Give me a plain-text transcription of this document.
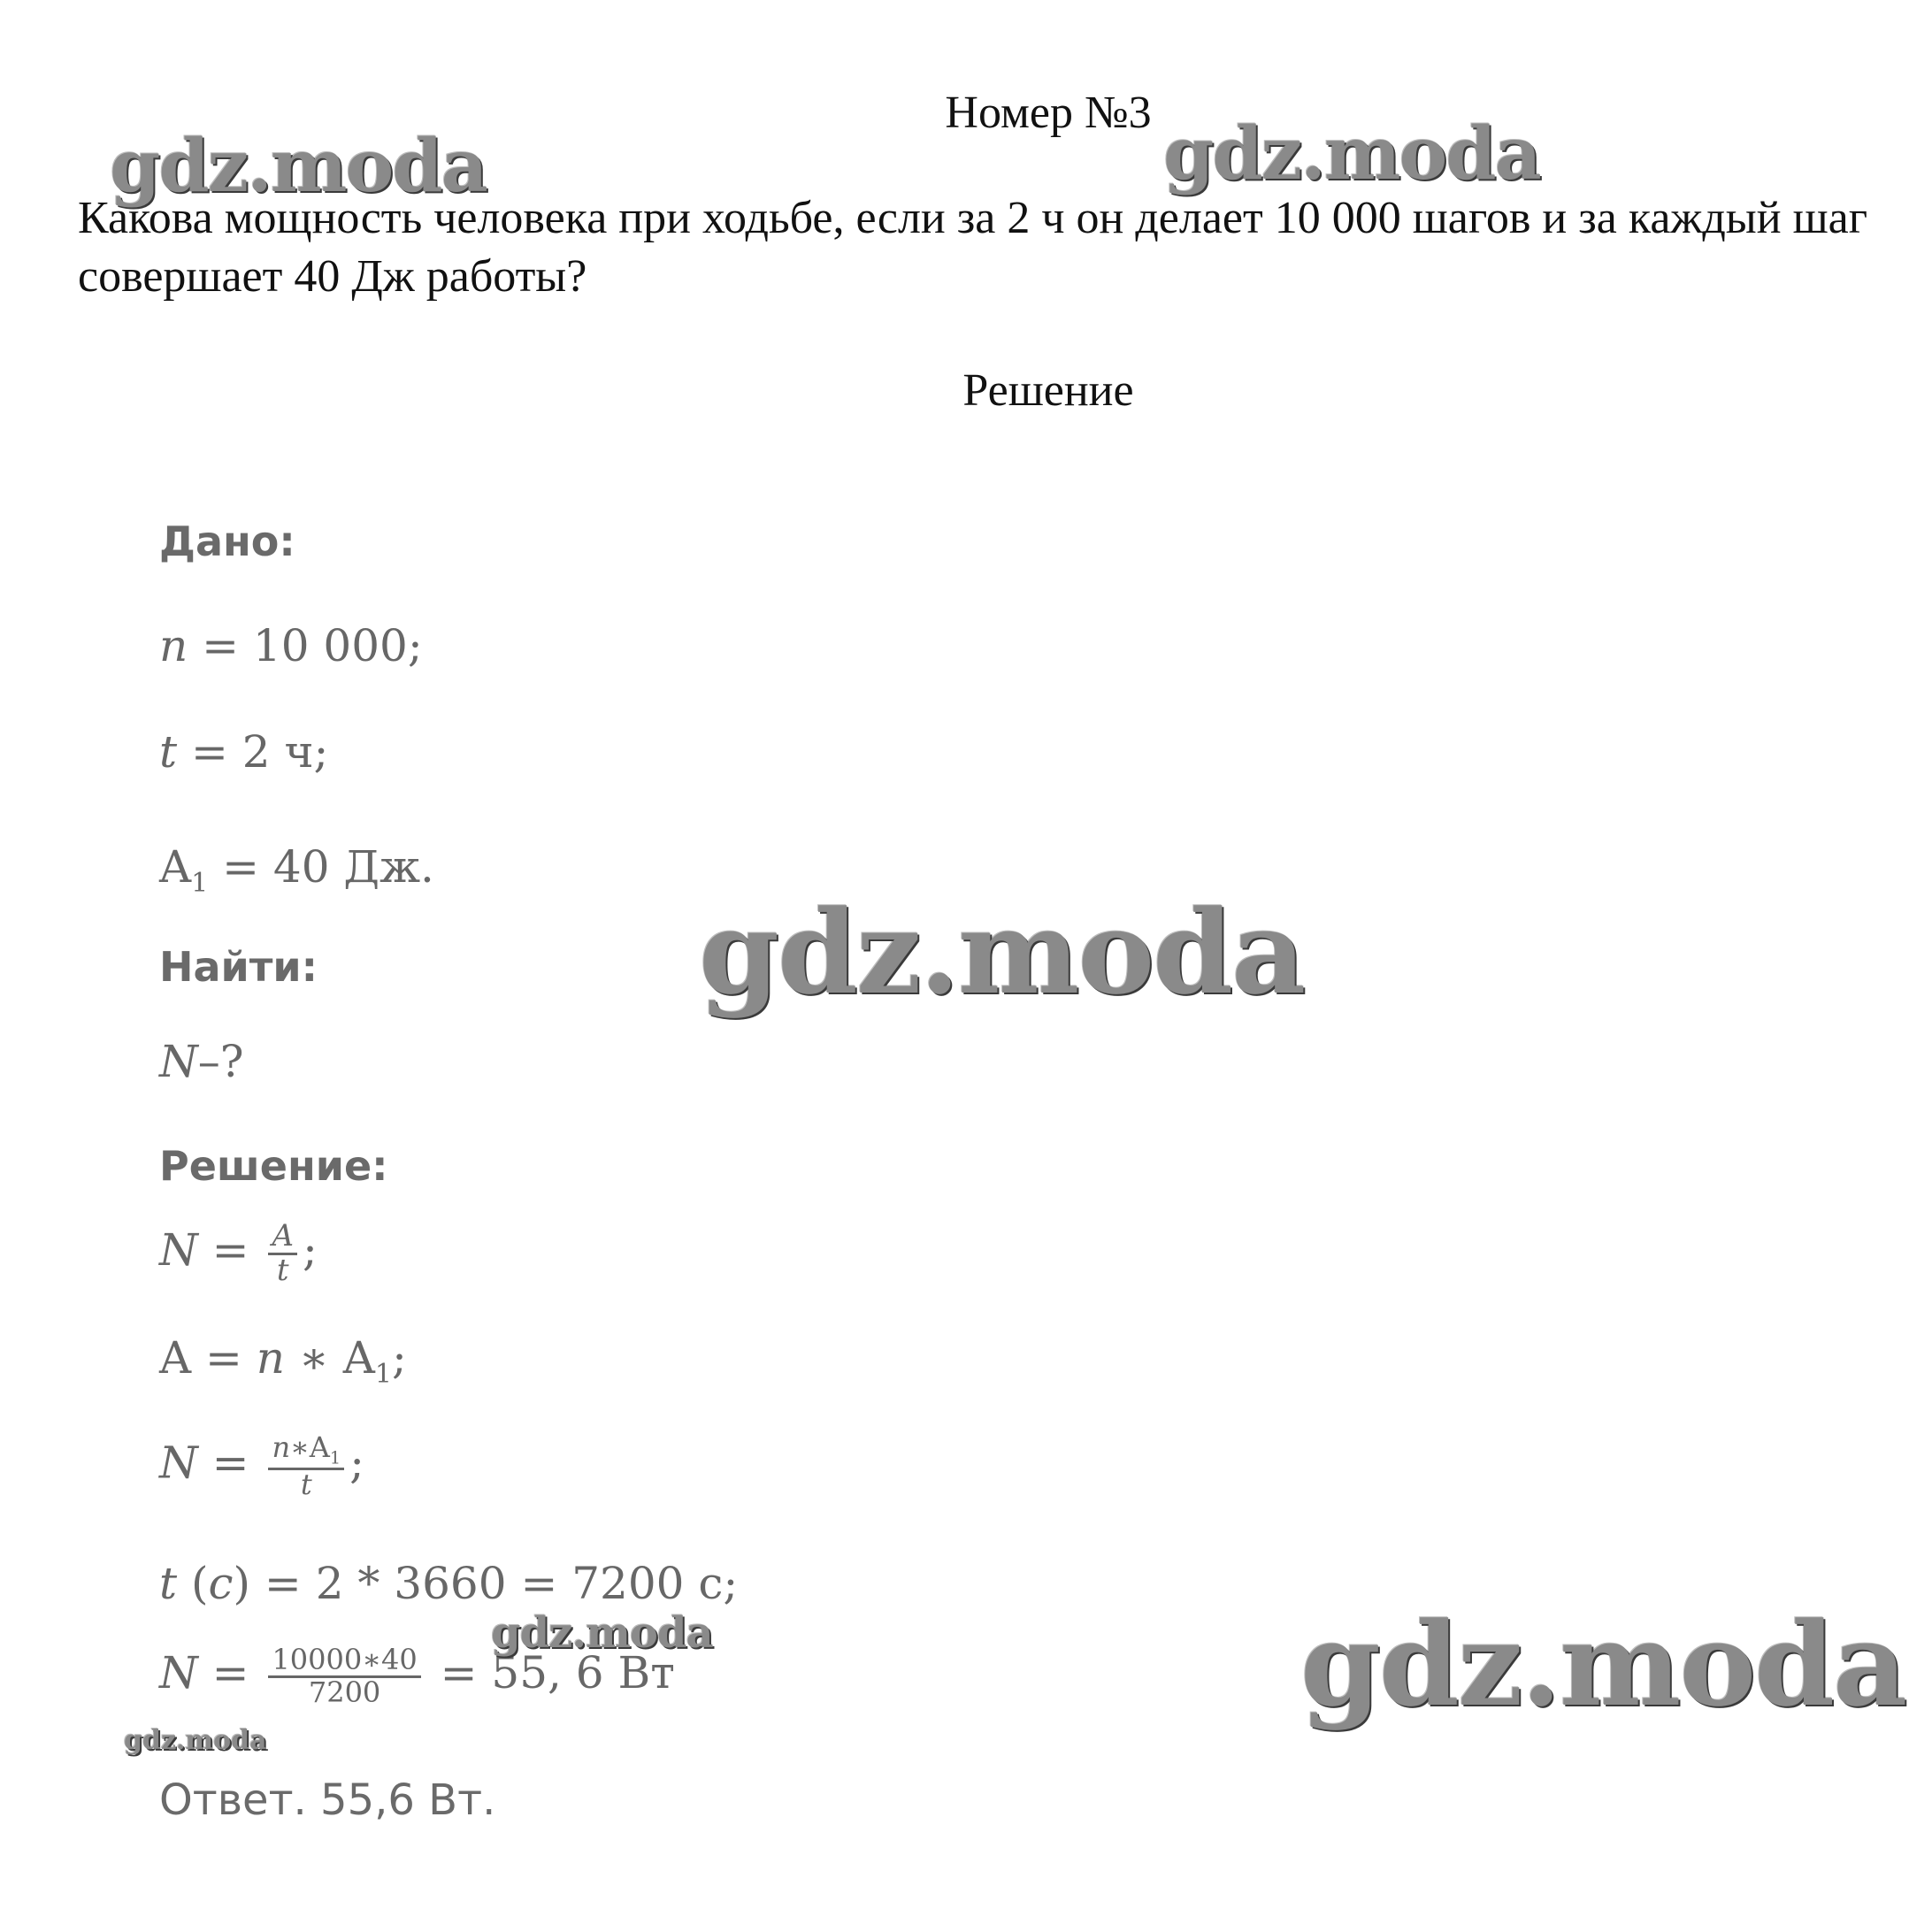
Номер №3
Какова мощность человека при ходьбе, если за 2 ч он делает 10 000 шагов и за каждый шаг совершает 40 Дж работы?
Решение
Дано:
n = 10 000;
t = 2 ч;
$A_1 = 40$ Дж.
Найти:
N–?
Решение:
$N = \frac{A}{t}$ ;
A = n ∗ $A_1$;
$N = \frac{n∗A_1}{t}$ ;
t (c) = 2 * 3660 = 7200 с;
$N = \frac{10000∗40}{7200} = 55$, 6 Вт
Ответ. 55,6 Вт.
gdz.moda	gdz.moda
gdz.moda
gdz.moda
gdz.moda
gdz.moda
